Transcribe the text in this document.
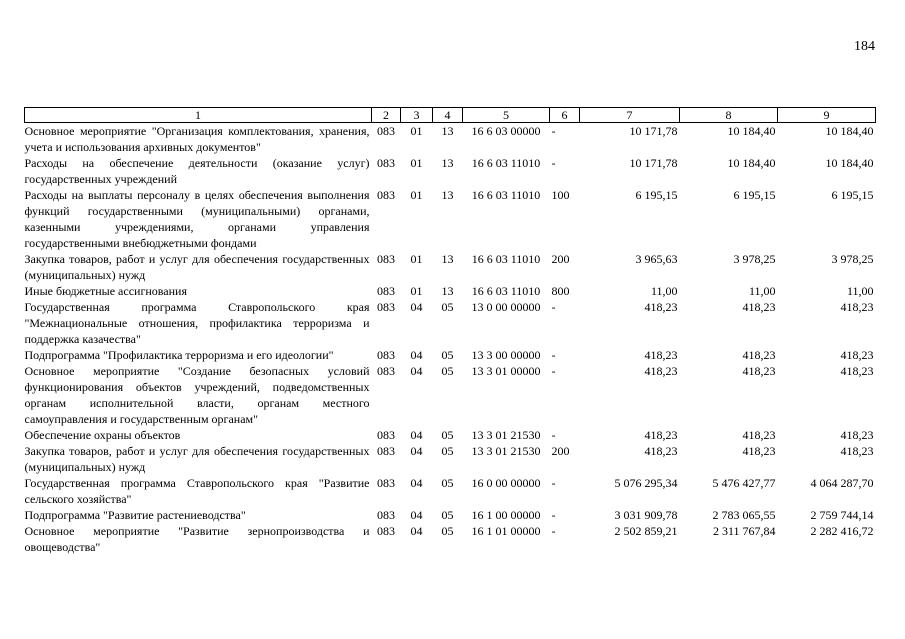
184
1	2	3	4	5	6	7	8	9
Основное мероприятие "Организация комплектования, хранения, учета и использования архивных документов"	083	01	13	16 6 03 00000	-	10 171,78	10 184,40	10 184,40
Расходы на обеспечение деятельности (оказание услуг) государственных учреждений	083	01	13	16 6 03 11010	-	10 171,78	10 184,40	10 184,40
Расходы на выплаты персоналу в целях обеспечения выполнения функций государственными (муниципальными) органами, казенными учреждениями, органами управления государственными внебюджетными фондами	083	01	13	16 6 03 11010	100	6 195,15	6 195,15	6 195,15
Закупка товаров, работ и услуг для обеспечения государственных (муниципальных) нужд	083	01	13	16 6 03 11010	200	3 965,63	3 978,25	3 978,25
Иные бюджетные ассигнования	083	01	13	16 6 03 11010	800	11,00	11,00	11,00
Государственная программа Ставропольского края "Межнациональные отношения, профилактика терроризма и поддержка казачества"	083	04	05	13 0 00 00000	-	418,23	418,23	418,23
Подпрограмма "Профилактика терроризма и его идеологии"	083	04	05	13 3 00 00000	-	418,23	418,23	418,23
Основное мероприятие "Создание безопасных условий функционирования объектов учреждений, подведомственных органам исполнительной власти, органам местного самоуправления и государственным органам"	083	04	05	13 3 01 00000	-	418,23	418,23	418,23
Обеспечение охраны объектов	083	04	05	13 3 01 21530	-	418,23	418,23	418,23
Закупка товаров, работ и услуг для обеспечения государственных (муниципальных) нужд	083	04	05	13 3 01 21530	200	418,23	418,23	418,23
Государственная программа Ставропольского края "Развитие сельского хозяйства"	083	04	05	16 0 00 00000	-	5 076 295,34	5 476 427,77	4 064 287,70
Подпрограмма "Развитие растениеводства"	083	04	05	16 1 00 00000	-	3 031 909,78	2 783 065,55	2 759 744,14
Основное мероприятие "Развитие зернопроизводства и овощеводства"	083	04	05	16 1 01 00000	-	2 502 859,21	2 311 767,84	2 282 416,72
